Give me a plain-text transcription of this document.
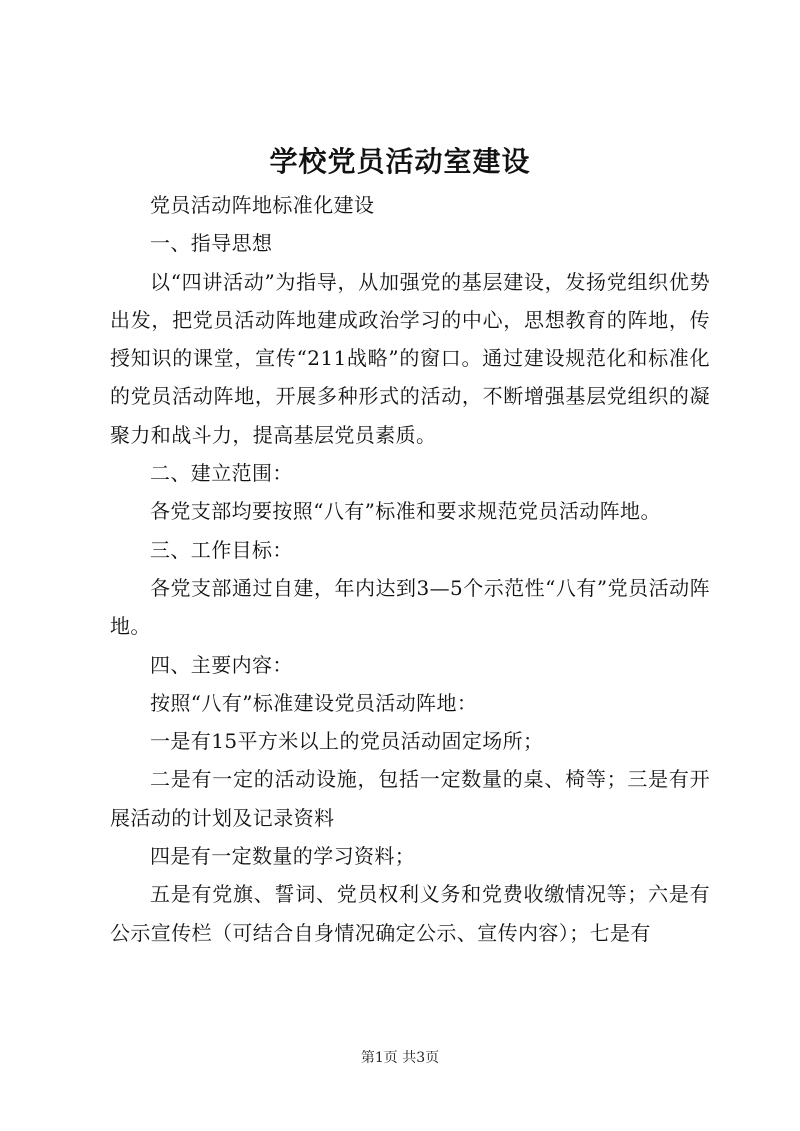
学校党员活动室建设

党员活动阵地标准化建设

一、指导思想

以“四讲活动”为指导，从加强党的基层建设，发扬党组织优势出发，把党员活动阵地建成政治学习的中心，思想教育的阵地，传授知识的课堂，宣传“211战略”的窗口。通过建设规范化和标准化的党员活动阵地，开展多种形式的活动，不断增强基层党组织的凝聚力和战斗力，提高基层党员素质。

二、建立范围：

各党支部均要按照“八有”标准和要求规范党员活动阵地。

三、工作目标：

各党支部通过自建，年内达到3—5个示范性“八有”党员活动阵地。

四、主要内容：

按照“八有”标准建设党员活动阵地：

一是有15平方米以上的党员活动固定场所；

二是有一定的活动设施，包括一定数量的桌、椅等；三是有开展活动的计划及记录资料

四是有一定数量的学习资料；

五是有党旗、誓词、党员权利义务和党费收缴情况等；六是有公示宣传栏（可结合自身情况确定公示、宣传内容）；七是有

第1页 共3页
